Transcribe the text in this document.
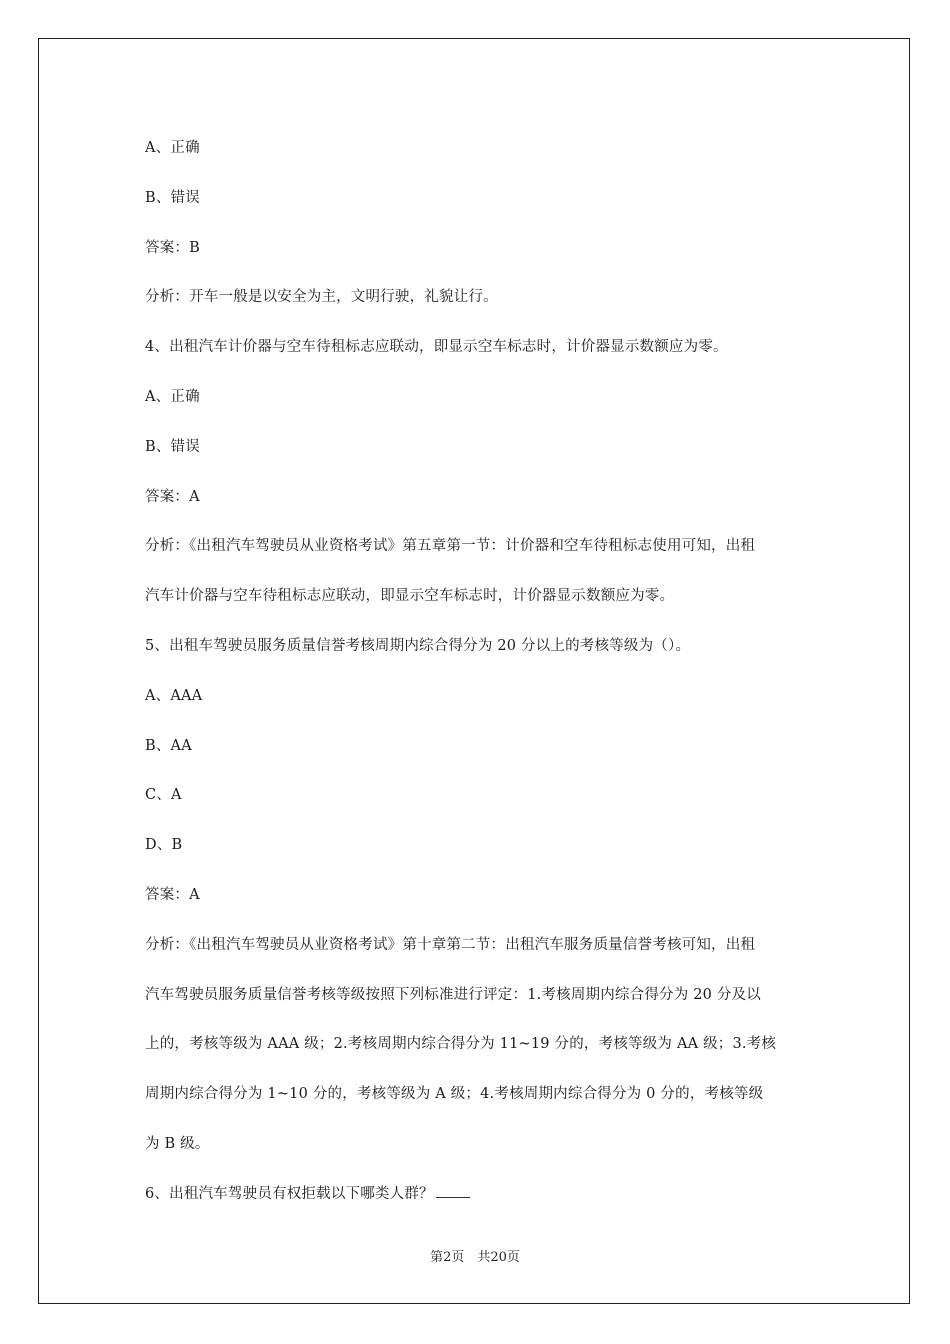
A、正确
B、错误
答案：B
分析：开车一般是以安全为主，文明行驶，礼貌让行。
4、出租汽车计价器与空车待租标志应联动，即显示空车标志时，计价器显示数额应为零。
A、正确
B、错误
答案：A
分析：《出租汽车驾驶员从业资格考试》第五章第一节：计价器和空车待租标志使用可知，出租
汽车计价器与空车待租标志应联动，即显示空车标志时，计价器显示数额应为零。
5、出租车驾驶员服务质量信誉考核周期内综合得分为 20 分以上的考核等级为（）。
A、AAA
B、AA
C、A
D、B
答案：A
分析：《出租汽车驾驶员从业资格考试》第十章第二节：出租汽车服务质量信誉考核可知，出租
汽车驾驶员服务质量信誉考核等级按照下列标准进行评定：1.考核周期内综合得分为 20 分及以
上的，考核等级为 AAA 级；2.考核周期内综合得分为 11~19 分的，考核等级为 AA 级；3.考核
周期内综合得分为 1~10 分的，考核等级为 A 级；4.考核周期内综合得分为 0 分的，考核等级
为 B 级。
6、出租汽车驾驶员有权拒载以下哪类人群？
第2页　共20页
